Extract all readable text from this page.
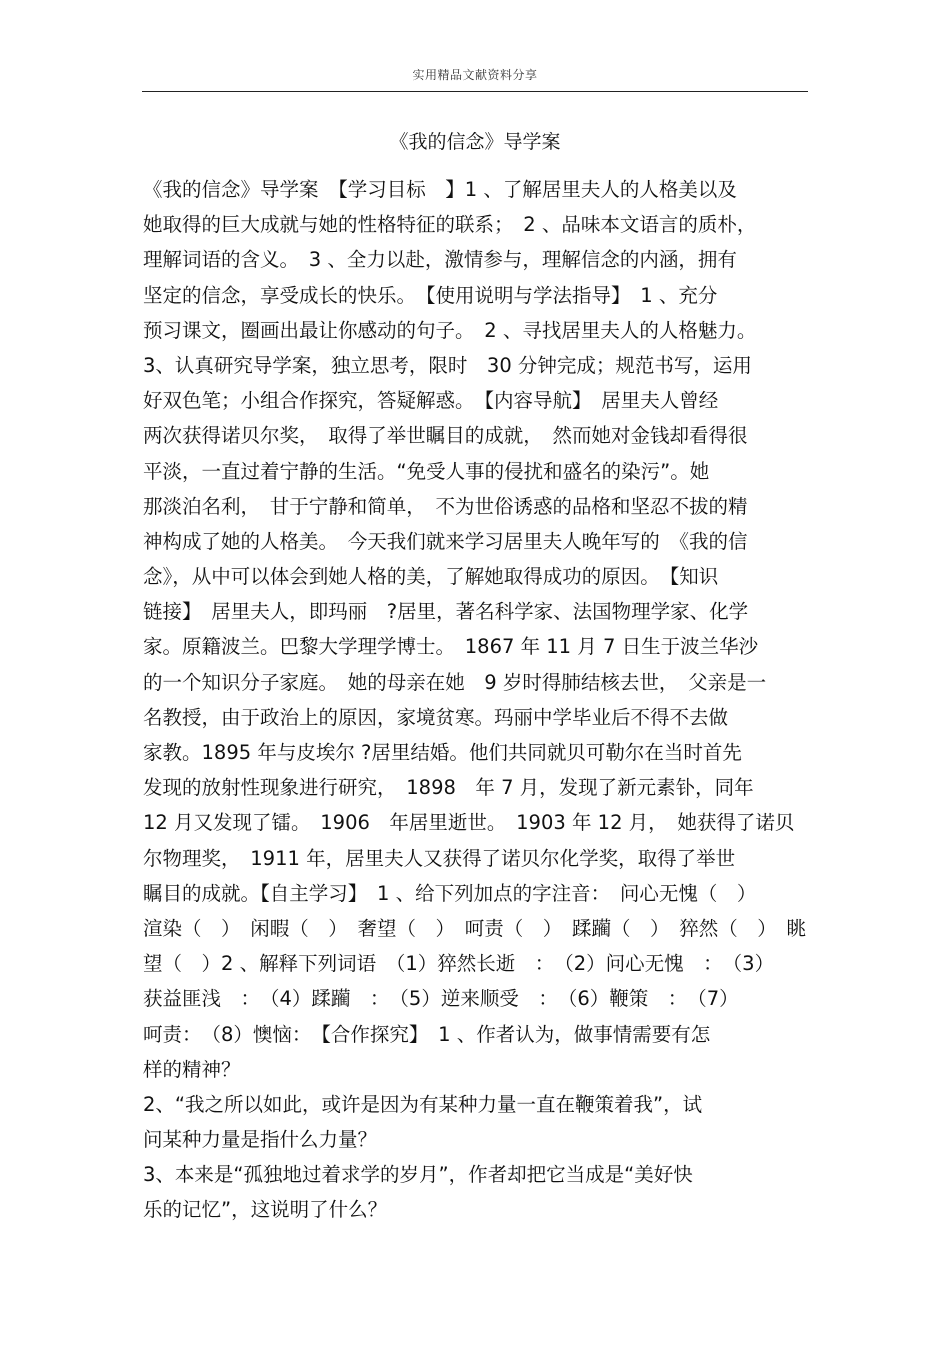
实用精品文献资料分享
《我的信念》导学案
《我的信念》导学案　【学习目标　】1 、了解居里夫人的人格美以及
她取得的巨大成就与她的性格特征的联系；　2 、品味本文语言的质朴，
理解词语的含义。　3 、全力以赴，激情参与，理解信念的内涵，拥有
坚定的信念，享受成长的快乐。　【使用说明与学法指导】　1 、充分
预习课文，圈画出最让你感动的句子。　2 、寻找居里夫人的人格魅力。
3、认真研究导学案，独立思考，限时　30 分钟完成；规范书写，运用
好双色笔；小组合作探究，答疑解惑。　【内容导航】　居里夫人曾经
两次获得诺贝尔奖，　取得了举世瞩目的成就，　然而她对金钱却看得很
平淡，一直过着宁静的生活。“免受人事的侵扰和盛名的染污”。她
那淡泊名利，　甘于宁静和简单，　不为世俗诱惑的品格和坚忍不拔的精
神构成了她的人格美。　今天我们就来学习居里夫人晚年写的　《我的信
念》，从中可以体会到她人格的美，了解她取得成功的原因。　【知识
链接】　居里夫人，即玛丽　?居里，著名科学家、法国物理学家、化学
家。原籍波兰。巴黎大学理学博士。　1867 年 11 月 7 日生于波兰华沙
的一个知识分子家庭。　她的母亲在她　9 岁时得肺结核去世，　父亲是一
名教授，由于政治上的原因，家境贫寒。玛丽中学毕业后不得不去做
家教。1895 年与皮埃尔 ?居里结婚。他们共同就贝可勒尔在当时首先
发现的放射性现象进行研究，　1898　年 7 月，发现了新元素钋，同年
12 月又发现了镭。　1906　年居里逝世。　1903 年 12 月，　她获得了诺贝
尔物理奖，　1911 年，居里夫人又获得了诺贝尔化学奖，取得了举世
瞩目的成就。【自主学习】　1 、给下列加点的字注音：　问心无愧（　）
渲染（　）　闲暇（　）　奢望（　）　呵责（　）　蹂躏（　）　猝然（　）　眺
望（　）2 、解释下列词语　（1）猝然长逝　：　（2）问心无愧　：　（3）
获益匪浅　：　（4）蹂躏　：　（5）逆来顺受　：　（6）鞭策　：　（7）
呵责：　（8）懊恼：　【合作探究】　1 、作者认为，做事情需要有怎
样的精神？
2、“我之所以如此，或许是因为有某种力量一直在鞭策着我”，试
问某种力量是指什么力量？
3、本来是“孤独地过着求学的岁月”，作者却把它当成是“美好快
乐的记忆”，这说明了什么？
